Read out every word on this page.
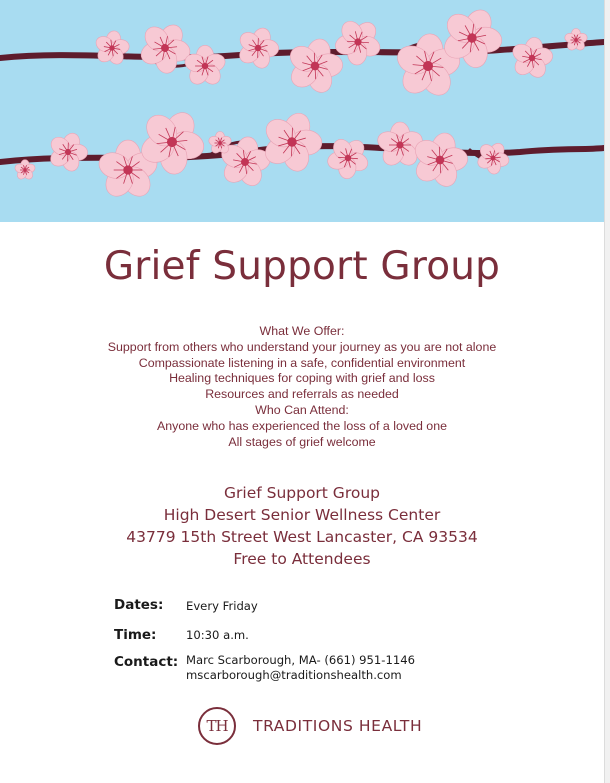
Grief Support Group
What We Offer:
Support from others who understand your journey as you are not alone
Compassionate listening in a safe, confidential environment
Healing techniques for coping with grief and loss
Resources and referrals as needed
Who Can Attend:
Anyone who has experienced the loss of a loved one
All stages of grief welcome
Grief Support Group
High Desert Senior Wellness Center
43779 15th Street West Lancaster, CA 93534
Free to Attendees
Dates: Every Friday
Time:	10:30 a.m.
Contact: Marc Scarborough, MA- (661) 951-1146
mscarborough@traditionshealth.com
TH	TRADITIONS HEALTH
